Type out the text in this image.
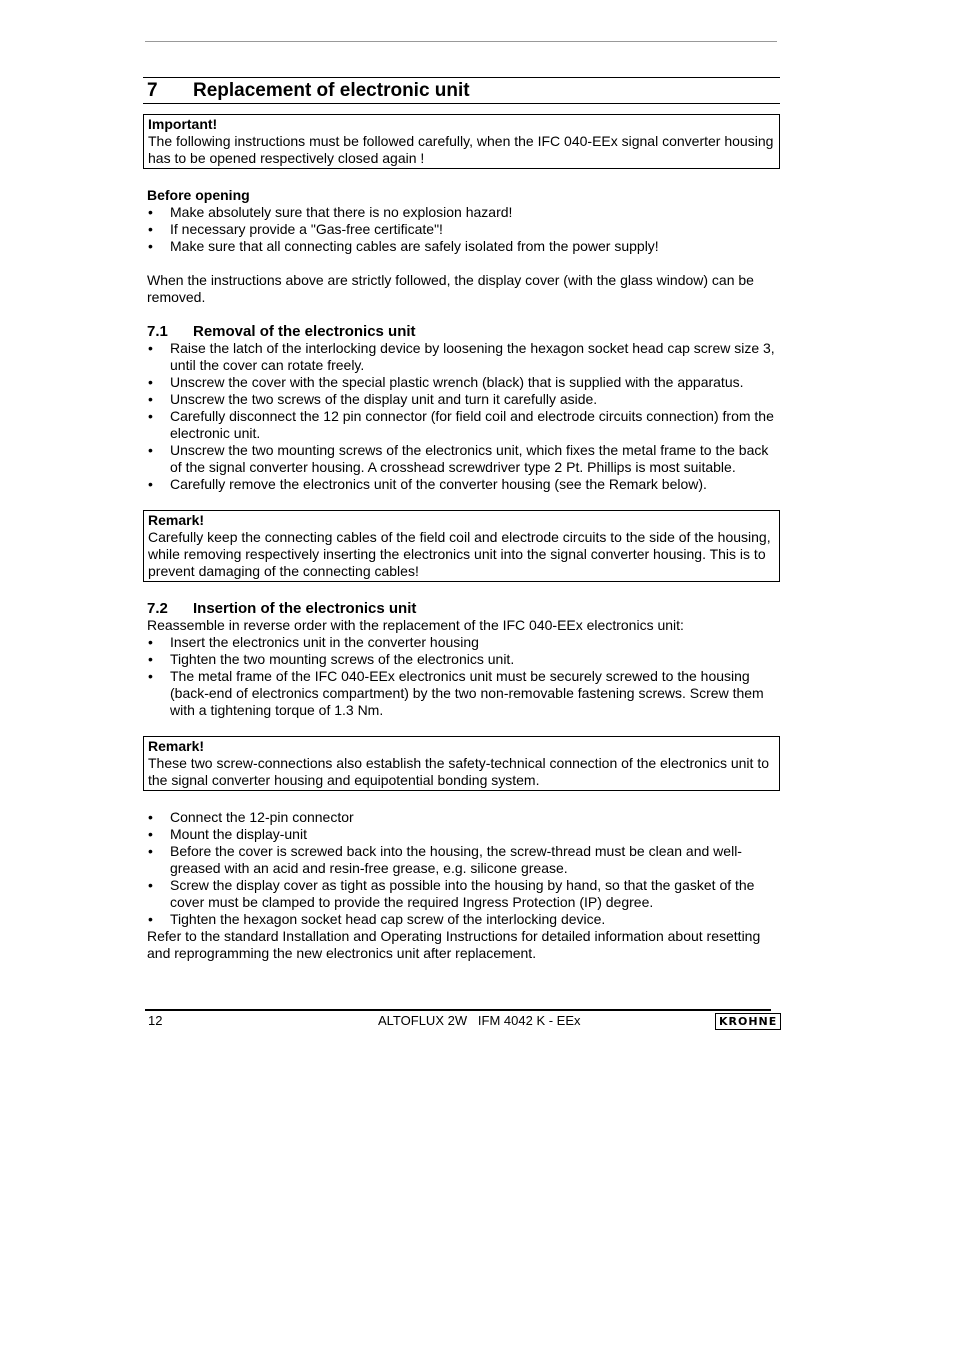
7	Replacement of electronic unit
Important!
The following instructions must be followed carefully, when the IFC 040-EEx signal converter housing has to be opened respectively closed again !

Before opening

• Make absolutely sure that there is no explosion hazard!
• If necessary provide a "Gas-free certificate"!
• Make sure that all connecting cables are safely isolated from the power supply!

When the instructions above are strictly followed, the display cover (with the glass window) can be removed.

7.1	Removal of the electronics unit
• Raise the latch of the interlocking device by loosening the hexagon socket head cap screw size 3, until the cover can rotate freely.
• Unscrew the cover with the special plastic wrench (black) that is supplied with the apparatus.
• Unscrew the two screws of the display unit and turn it carefully aside.
• Carefully disconnect the 12 pin connector (for field coil and electrode circuits connection) from the electronic unit.
• Unscrew the two mounting screws of the electronics unit, which fixes the metal frame to the back of the signal converter housing. A crosshead screwdriver type 2 Pt. Phillips is most suitable.
• Carefully remove the electronics unit of the converter housing (see the Remark below).
Remark!
Carefully keep the connecting cables of the field coil and electrode circuits to the side of the housing, while removing respectively inserting the electronics unit into the signal converter housing. This is to prevent damaging of the connecting cables!
7.2	Insertion of the electronics unit

Reassemble in reverse order with the replacement of the IFC 040-EEx electronics unit:

• Insert the electronics unit in the converter housing
• Tighten the two mounting screws of the electronics unit.
• The metal frame of the IFC 040-EEx electronics unit must be securely screwed to the housing (back-end of electronics compartment) by the two non-removable fastening screws. Screw them with a tightening torque of 1.3 Nm.
Remark!
These two screw-connections also establish the safety-technical connection of the electronics unit to the signal converter housing and equipotential bonding system.
• Connect the 12-pin connector
• Mount the display-unit
• Before the cover is screwed back into the housing, the screw-thread must be clean and well-greased with an acid and resin-free grease, e.g. silicone grease.
• Screw the display cover as tight as possible into the housing by hand, so that the gasket of the cover must be clamped to provide the required Ingress Protection (IP) degree.
• Tighten the hexagon socket head cap screw of the interlocking device.

Refer to the standard Installation and Operating Instructions for detailed information about resetting and reprogramming the new electronics unit after replacement.

12	ALTOFLUX 2W   IFM 4042 K - EEx	KROHNE
